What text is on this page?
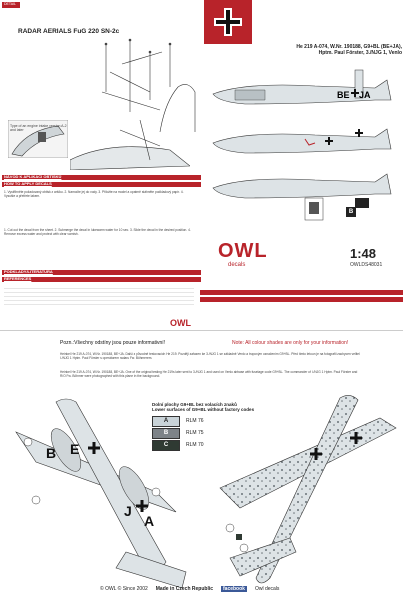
DETAIL
RADAR AERIALS FuG 220 SN-2c
Type of an engine intake version A-2
and later
NÁVOD K APLIKACI OBTISKŮ
HOW TO APPLY DECALS
1. Vystřihněte požadovaný obtisk z aršíku. 2. Namočte jej do vody. 3. Přiložte na model a opatrně stáhněte podkladový papír. 4. Vysušte a přetřete lakem.
1. Cut out the decal from the sheet. 2. Submerge the decal in lukewarm water for 10 sec. 3. Slide the decal in the desired position. 4. Remove excess water and protect with clear varnish.
PODKLADY/LITERATURA
REFERENCES
He 219 A-074, W.Nr. 190188, G9+BL (BE+JA),
Hptm. Paul Förster, 3./NJG 1, Venlo
BE JA
B
OWL
decals
1:48
OWLDS48031
OWL
Pozn.:Všechny odstíny jsou pouze informativní!	Note: All colour shades are only for your information!
Heinkel He 219 A-074, W.Nr. 190188, BE+JA. Další z původně testovacích He 219. Později zařazen ke 3./NJG 1 se základně Venlo a trupovým označením G9+BL. Před tímto letoun je na fotografii zachycen velitel I./NJG 1 Hptm. Paul Förster s operátorem radaru Fw. Böhmerem.
Heinkel He 219 A-074, W.Nr. 190188, BE+JA. One of the original testing He 219s later sent to 3./NJG 1 and used on Venlo airbase with fuselage code G9+BL. The commander of I./NJG 1 Hptm. Paul Förster and R/O Fw. Böhmer were photographed with this plane in the background.
B E
J
A
Dolní plochy G9+BL bez volacích znaků
Lower surfaces of G9+BL without factory codes
A	RLM 76
B	RLM 75
C	RLM 70
© OWL © Since 2002 Made in Czech Republic	facebook	Owl decals
